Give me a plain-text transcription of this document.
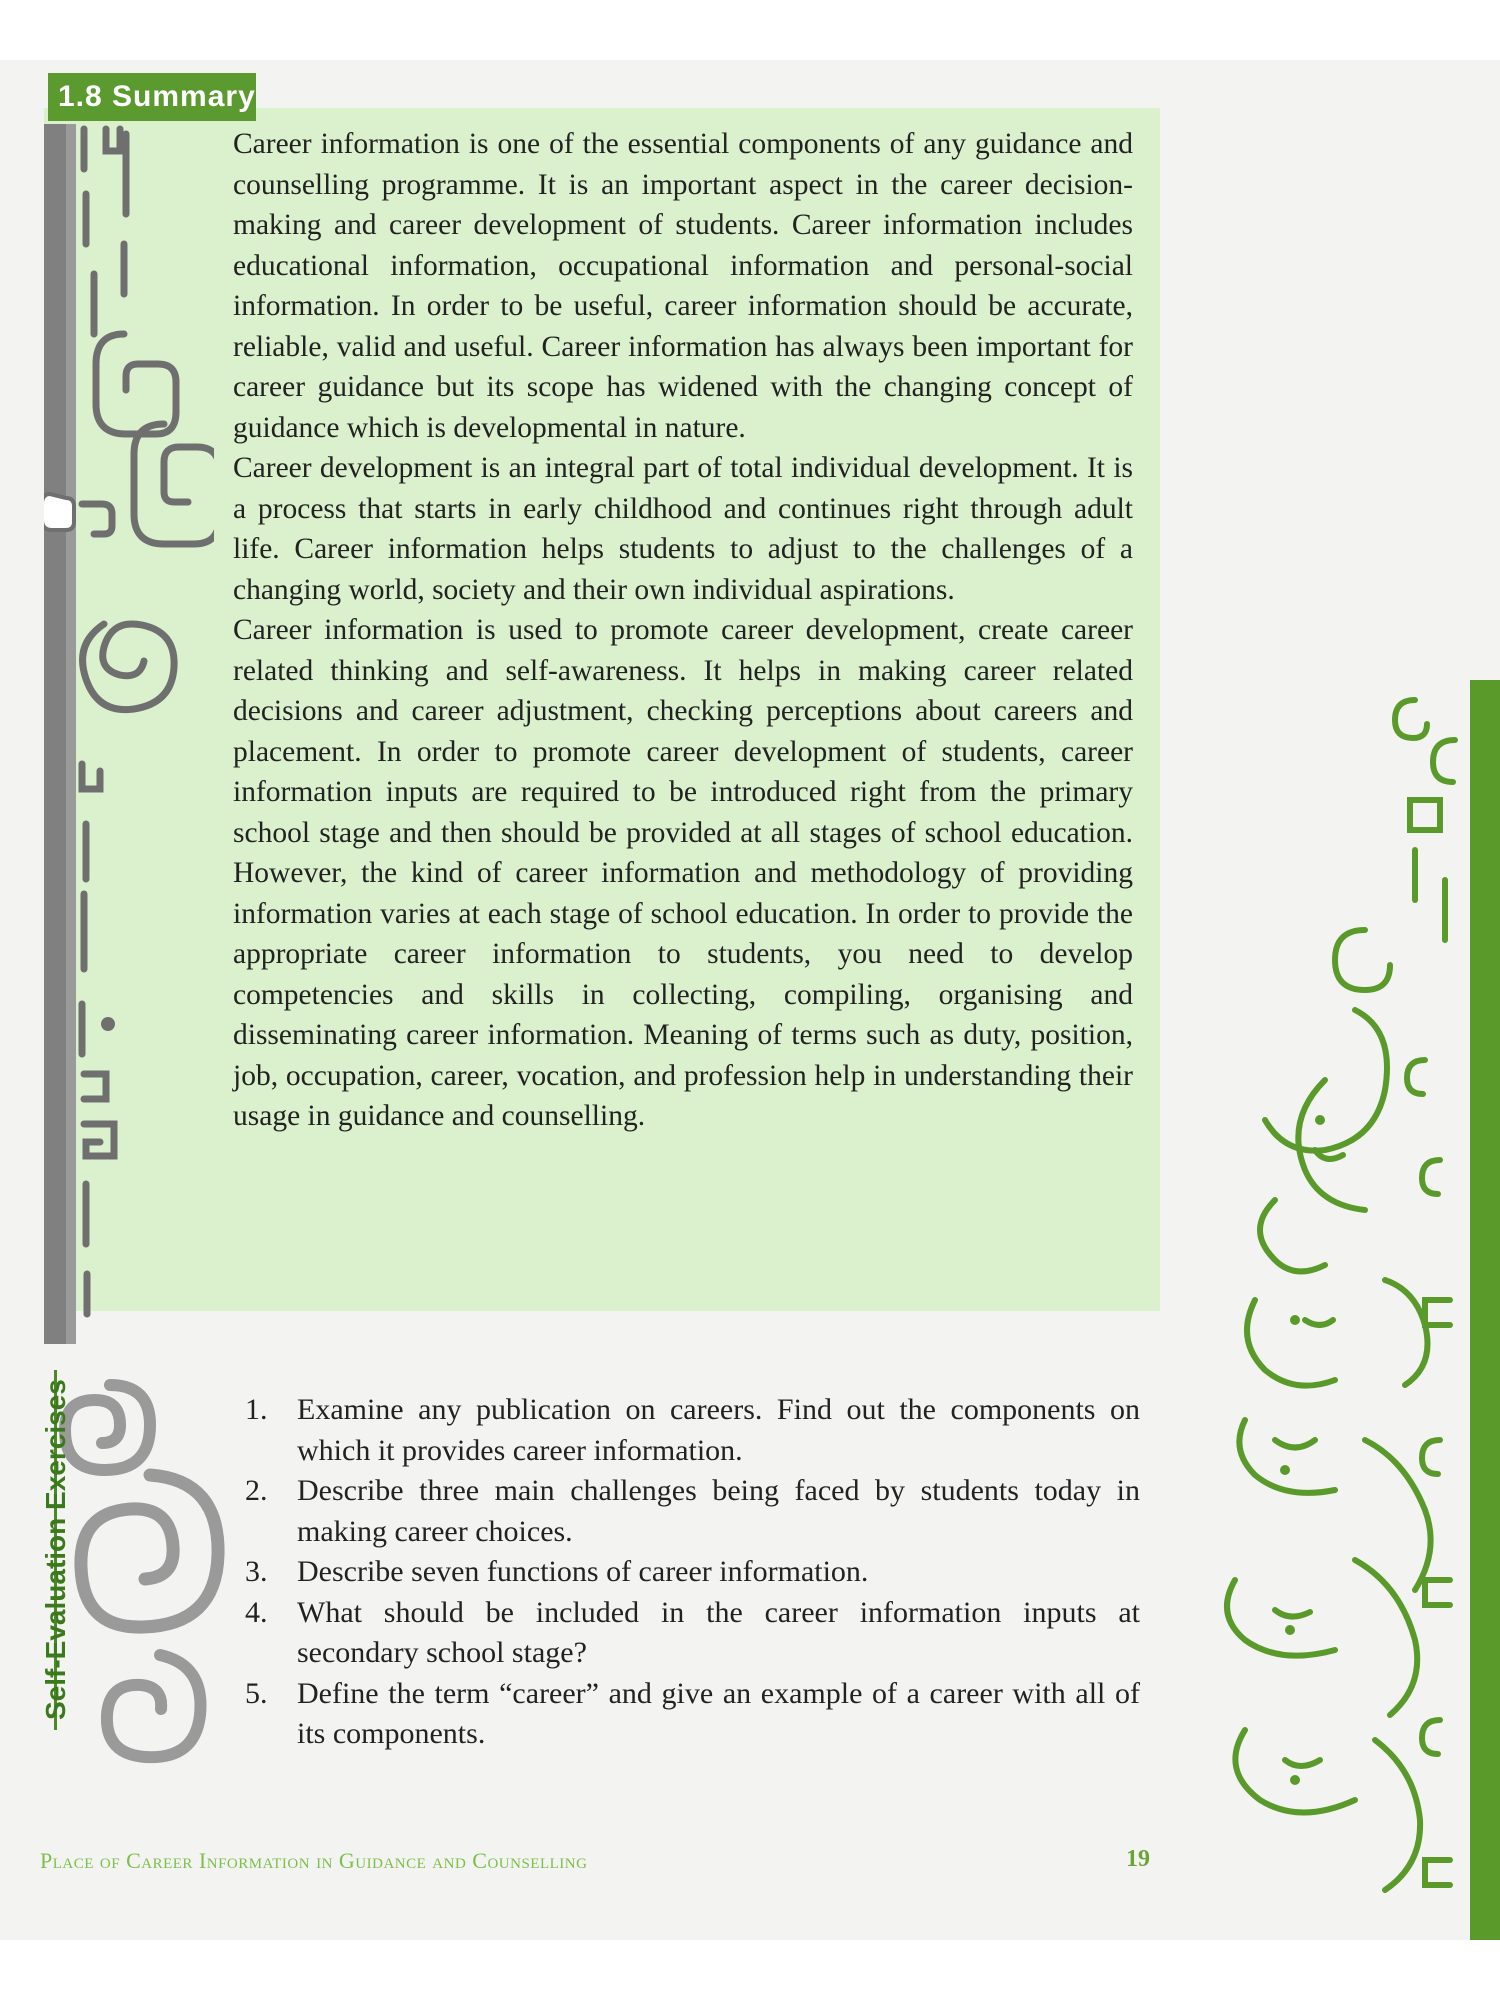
1.8 Summary

Career information is one of the essential components of any guidance and counselling programme. It is an important aspect in the career decision-making and career development of students. Career information includes educational information, occupational information and personal-social information. In order to be useful, career information should be accurate, reliable, valid and useful. Career information has always been important for career guidance but its scope has widened with the changing concept of guidance which is developmental in nature.

Career development is an integral part of total individual development. It is a process that starts in early childhood and continues right through adult life. Career information helps students to adjust to the challenges of a changing world, society and their own individual aspirations.

Career information is used to promote career development, create career related thinking and self-awareness. It helps in making career related decisions and career adjustment, checking perceptions about careers and placement. In order to promote career development of students, career information inputs are required to be introduced right from the primary school stage and then should be provided at all stages of school education. However, the kind of career information and methodology of providing information varies at each stage of school education. In order to provide the appropriate career information to students, you need to develop competencies and skills in collecting, compiling, organising and disseminating career information. Meaning of terms such as duty, position, job, occupation, career, vocation, and profession help in understanding their usage in guidance and counselling.

Self-Evaluation Exercises	1. Examine any publication on careers. Find out the components on which it provides career information.
2. Describe three main challenges being faced by students today in making career choices.
3. Describe seven functions of career information.
4. What should be included in the career information inputs at secondary school stage?
5. Define the term “career” and give an example of a career with all of its components.
Place of Career Information in Guidance and Counselling	19
